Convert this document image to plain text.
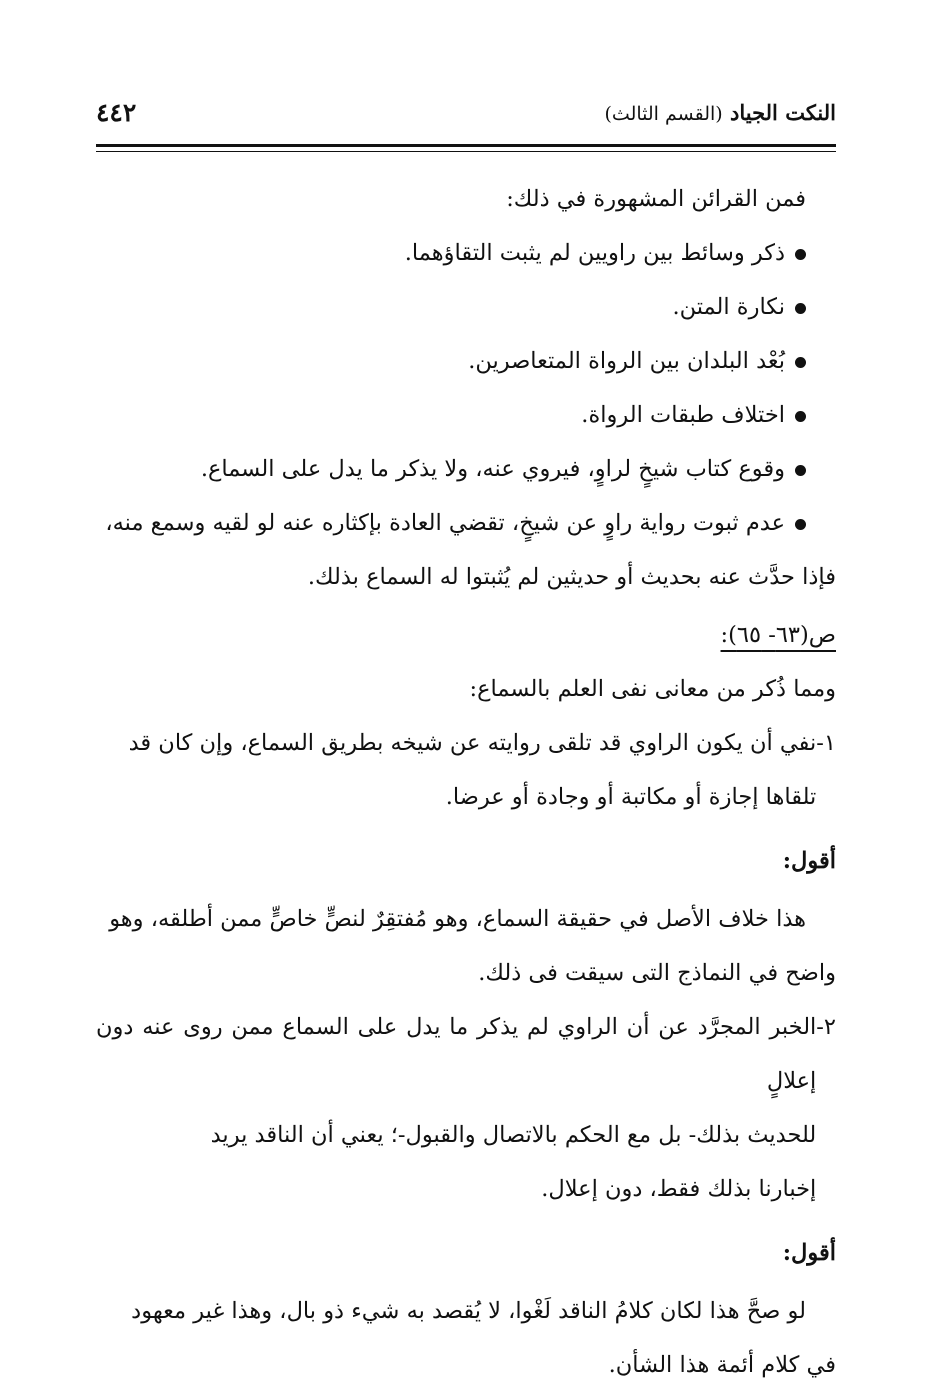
النكت الجياد (القسم الثالث)
٤٤٢

فمن القرائن المشهورة في ذلك:

ذكر وسائط بين راويين لم يثبت التقاؤهما.
نكارة المتن.
بُعْد البلدان بين الرواة المتعاصرين.
اختلاف طبقات الرواة.
وقوع كتاب شيخٍ لراوٍ، فيروي عنه، ولا يذكر ما يدل على السماع.
عدم ثبوت رواية راوٍ عن شيخٍ، تقضي العادة بإكثاره عنه لو لقيه وسمع منه،

فإذا حدَّث عنه بحديث أو حديثين لم يُثبتوا له السماع بذلك.

ص(٦٣- ٦٥):

ومما ذُكر من معانى نفى العلم بالسماع:

١-

نفي أن يكون الراوي قد تلقى روايته عن شيخه بطريق السماع، وإن كان قد

تلقاها إجازة أو مكاتبة أو وجادة أو عرضا.

أقول:

هذا خلاف الأصل في حقيقة السماع، وهو مُفتقِرٌ لنصٍّ خاصٍّ ممن أطلقه، وهو

واضح في النماذج التى سيقت فى ذلك.

٢-

الخبر المجرَّد عن أن الراوي لم يذكر ما يدل على السماع ممن روى عنه دون إعلالٍ

للحديث بذلك- بل مع الحكم بالاتصال والقبول-؛ يعني أن الناقد يريد

إخبارنا بذلك فقط، دون إعلال.

أقول:

لو صحَّ هذا لكان كلامُ الناقد لَغْوا، لا يُقصد به شيء ذو بال، وهذا غير معهود

في كلام أئمة هذا الشأن.
